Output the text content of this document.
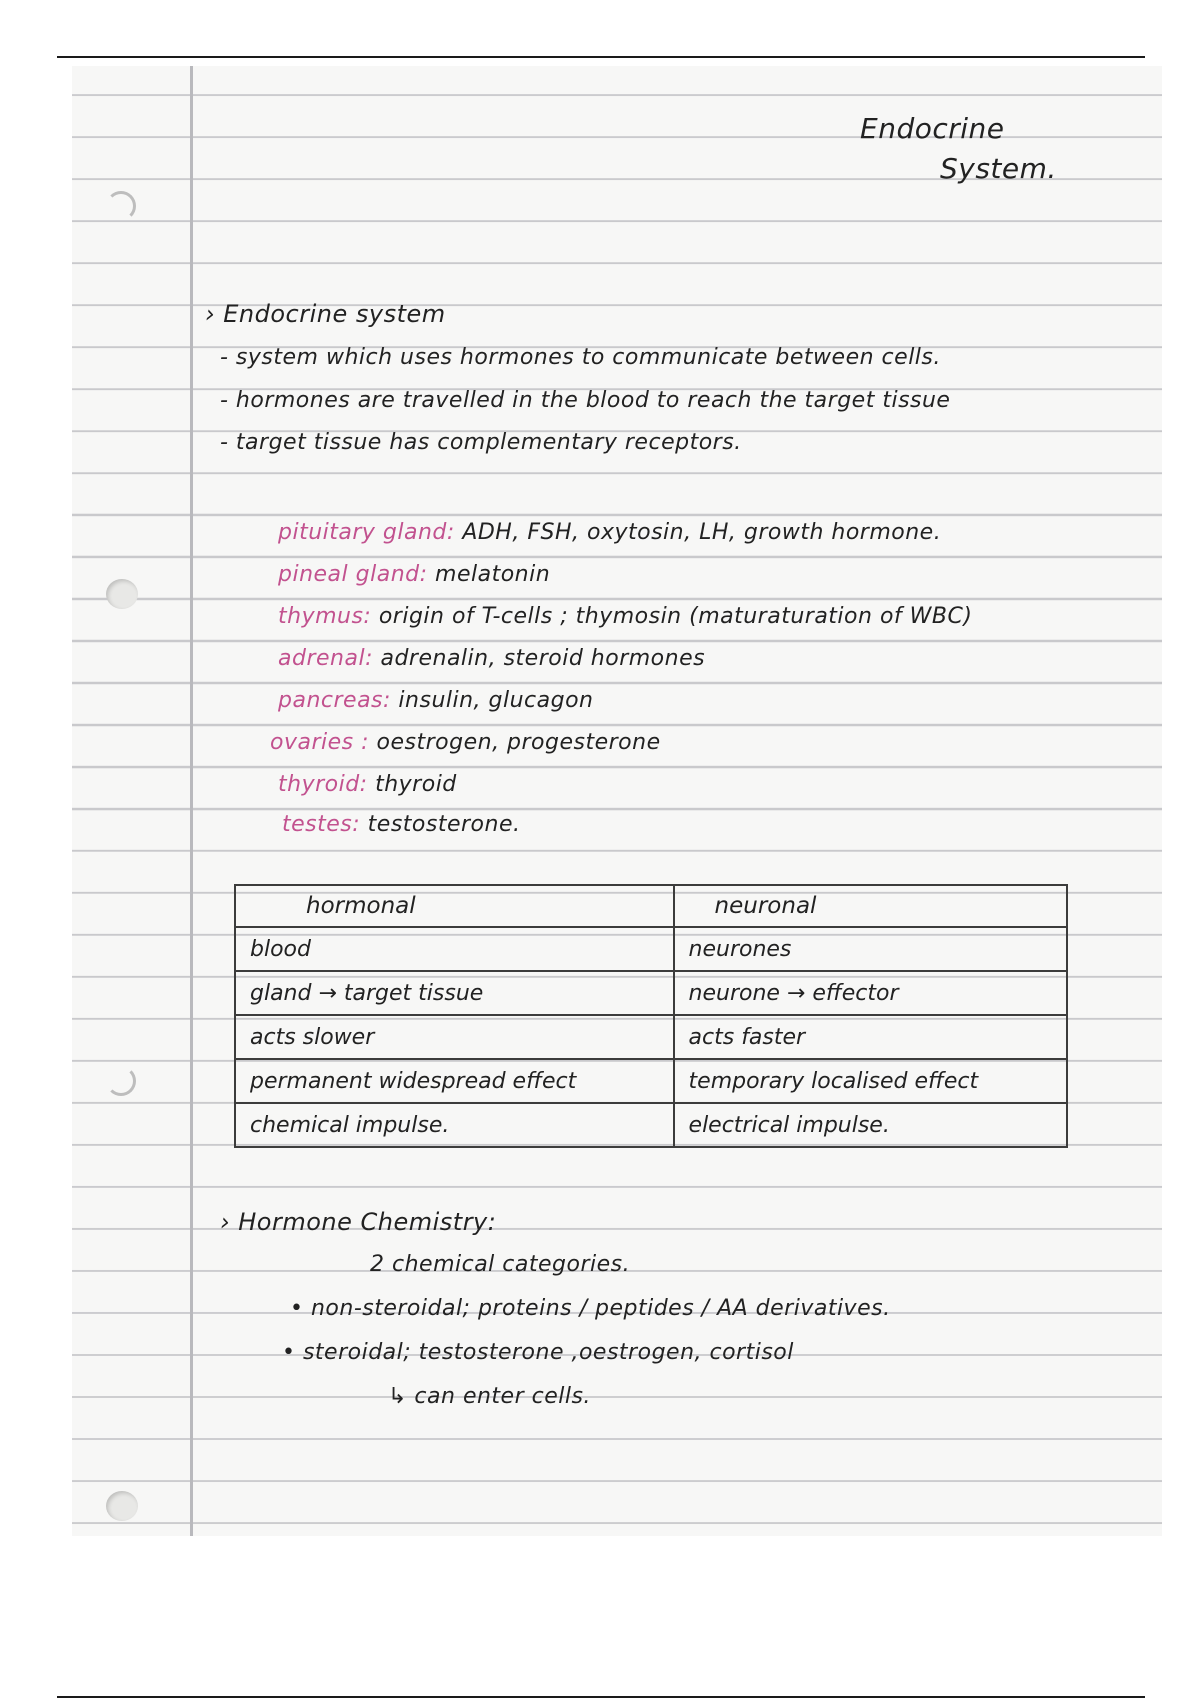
Endocrine
System.
› Endocrine system
- system which uses hormones to communicate between cells.
- hormones are travelled in the blood to reach the target tissue
- target tissue has complementary receptors.
pituitary gland: ADH, FSH, oxytosin, LH, growth hormone.
pineal gland: melatonin
thymus: origin of T-cells ; thymosin (maturaturation of WBC)
adrenal: adrenalin, steroid hormones
pancreas: insulin, glucagon
ovaries : oestrogen, progesterone
thyroid: thyroid
testes: testosterone.
hormonal	neuronal
blood	neurones
gland → target tissue	neurone → effector
acts slower	acts faster
permanent widespread effect	temporary localised effect
chemical impulse.	electrical impulse.
› Hormone Chemistry:
2 chemical categories.
• non-steroidal; proteins / peptides / AA derivatives.
• steroidal; testosterone ,oestrogen, cortisol
↳ can enter cells.
